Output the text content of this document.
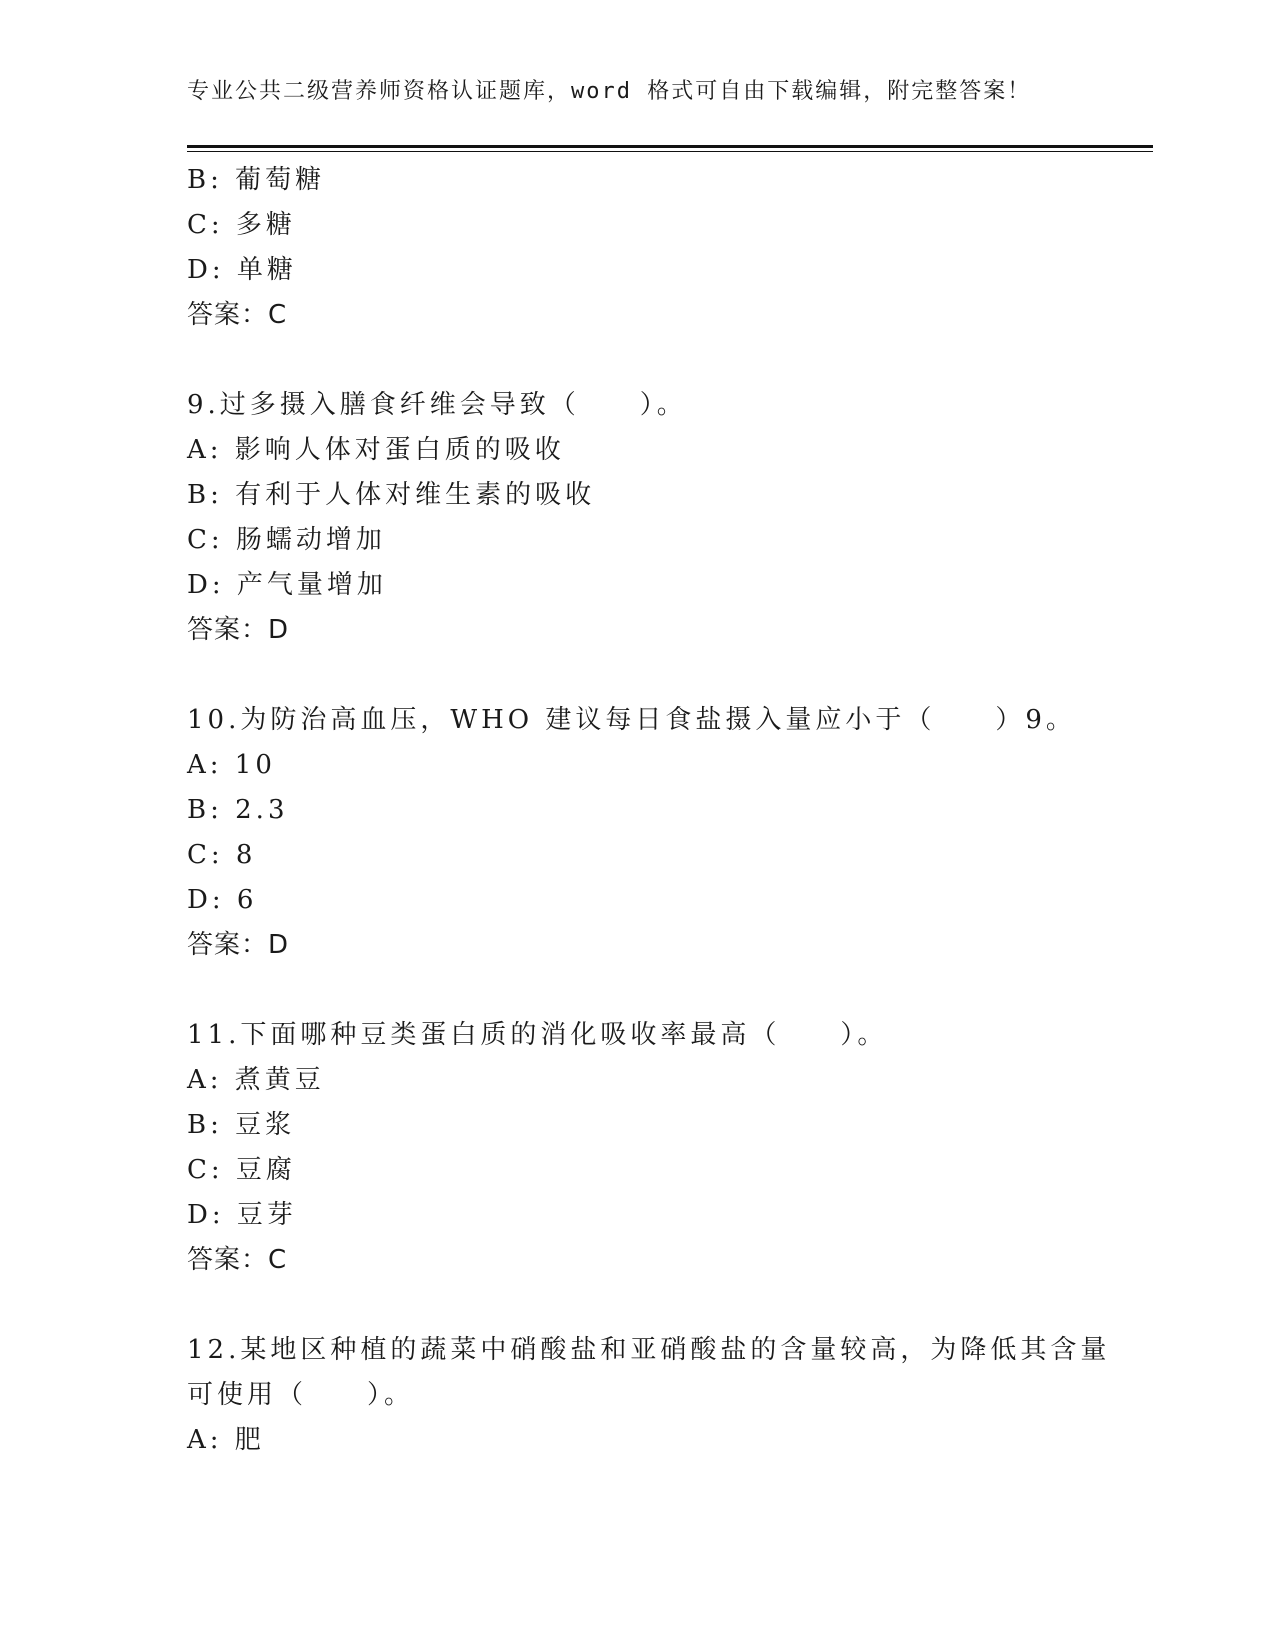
专业公共二级营养师资格认证题库，word 格式可自由下载编辑，附完整答案！
B: 葡萄糖
C: 多糖
D: 单糖
答案：C
9.过多摄入膳食纤维会导致（　　）。
A: 影响人体对蛋白质的吸收
B: 有利于人体对维生素的吸收
C: 肠蠕动增加
D: 产气量增加
答案：D
10.为防治高血压，WHO 建议每日食盐摄入量应小于（　　）9。
A: 10
B: 2.3
C: 8
D: 6
答案：D
11.下面哪种豆类蛋白质的消化吸收率最高（　　）。
A: 煮黄豆
B: 豆浆
C: 豆腐
D: 豆芽
答案：C
12.某地区种植的蔬菜中硝酸盐和亚硝酸盐的含量较高，为降低其含量
可使用（　　）。
A: 肥
